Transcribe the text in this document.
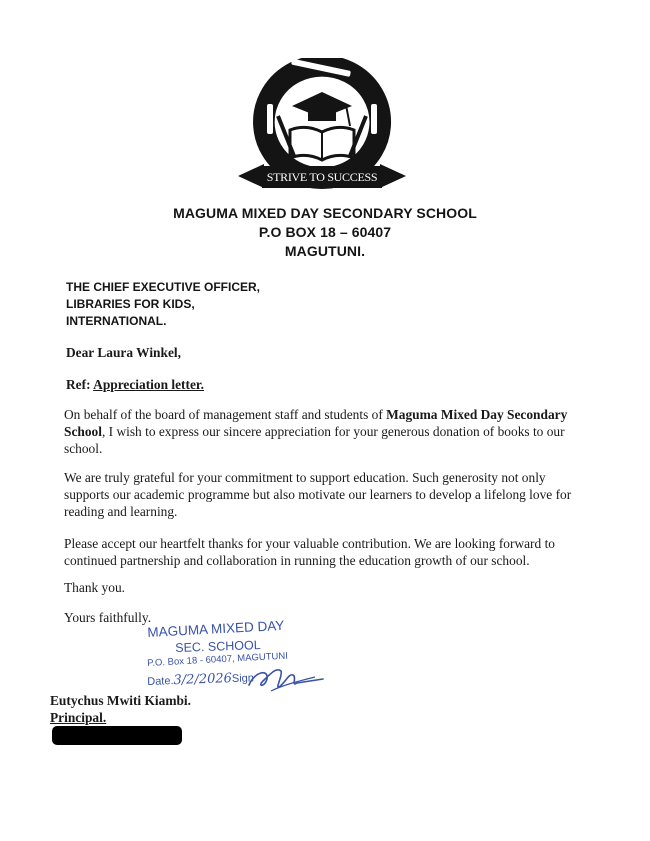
STRIVE TO SUCCESS
MAGUMA MIXED DAY SECONDARY SCHOOL
P.O BOX 18 – 60407
MAGUTUNI.
THE CHIEF EXECUTIVE OFFICER,
LIBRARIES FOR KIDS,
INTERNATIONAL.
Dear Laura Winkel,
Ref: Appreciation letter.
On behalf of the board of management staff and students of Maguma Mixed Day Secondary School, I wish to express our sincere appreciation for your generous donation of books to our school.
We are truly grateful for your commitment to support education. Such generosity not only supports our academic programme but also motivate our learners to develop a lifelong love for reading and learning.
Please accept our heartfelt thanks for your valuable contribution. We are looking forward to continued partnership and collaboration in running the education growth of our school.
Thank you.
Yours faithfully.
MAGUMA MIXED DAY
SEC. SCHOOL
P.O. Box 18 - 60407, MAGUTUNI
Date.3/2/2026Sign
Eutychus Mwiti Kiambi.
Principal.
